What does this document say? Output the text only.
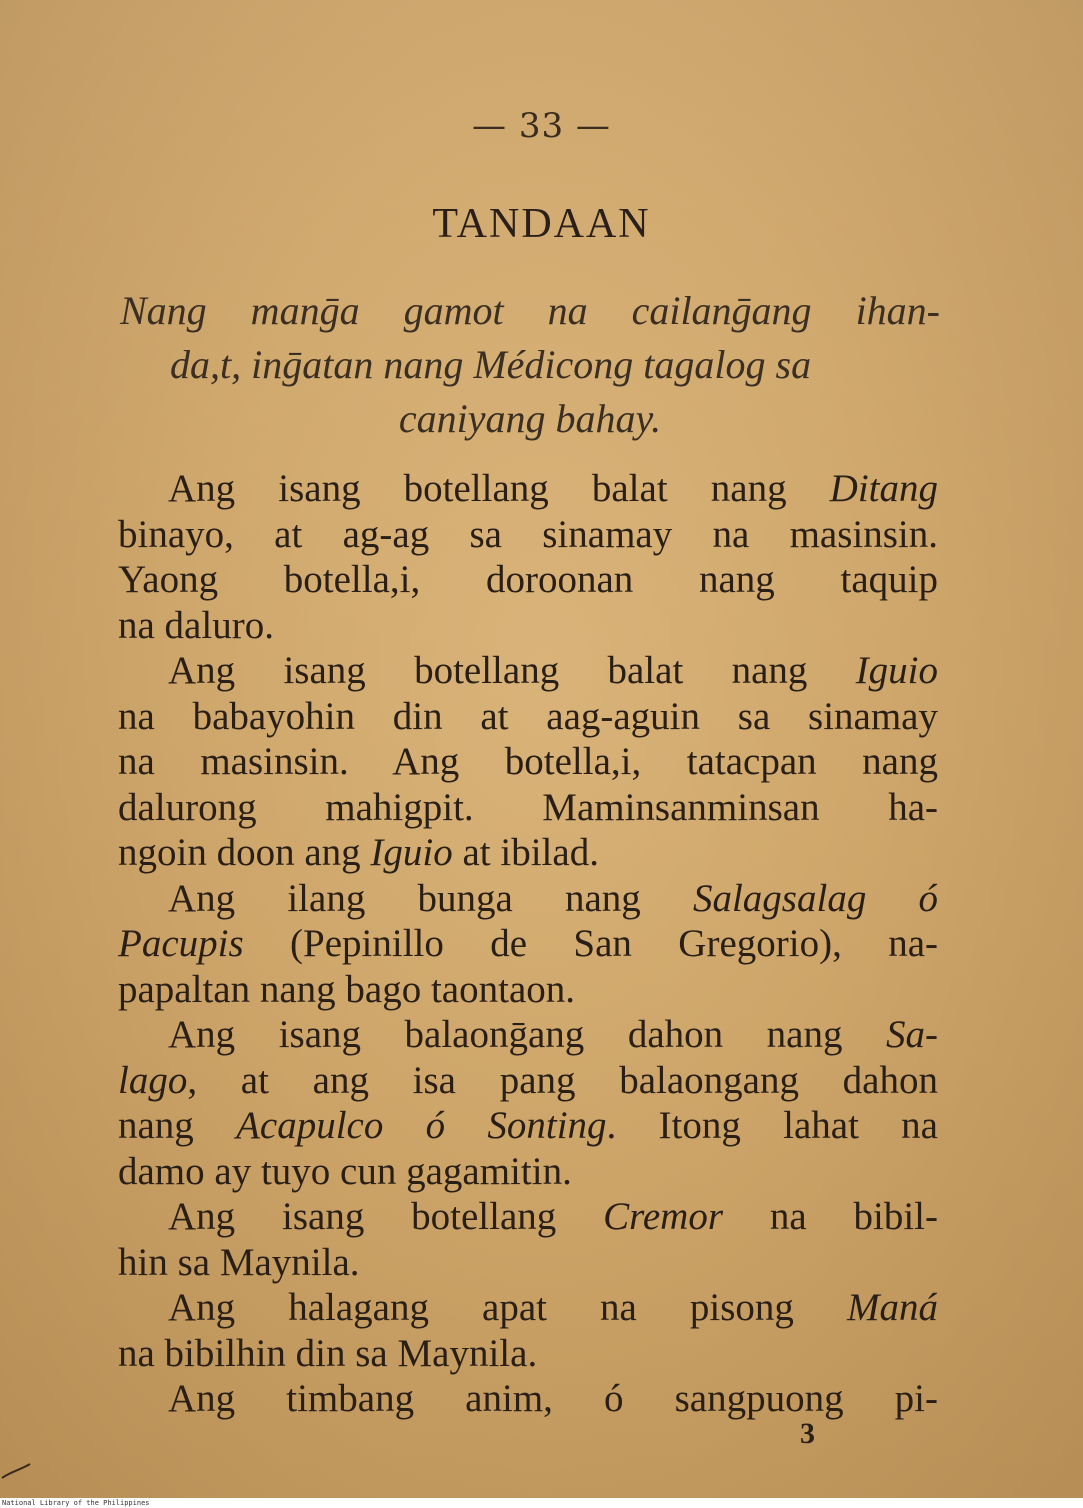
— 33 —
TANDAAN
Nang manḡa gamot na cailanḡang ihan-
da,t, inḡatan nang Médicong tagalog sa
caniyang bahay.
Ang isang botellang balat nang Ditang
binayo, at ag-ag sa sinamay na masinsin.
Yaong botella,i, doroonan nang taquip
na daluro.
Ang isang botellang balat nang Iguio
na babayohin din at aag-aguin sa sinamay
na masinsin. Ang botella,i, tatacpan nang
dalurong mahigpit. Maminsanminsan ha-
ngoin doon ang Iguio at ibilad.
Ang ilang bunga nang Salagsalag ó
Pacupis (Pepinillo de San Gregorio), na-
papaltan nang bago taontaon.
Ang isang balaonḡang dahon nang Sa-
lago, at ang isa pang balaongang dahon
nang Acapulco ó Sonting. Itong lahat na
damo ay tuyo cun gagamitin.
Ang isang botellang Cremor na bibil-
hin sa Maynila.
Ang halagang apat na pisong Maná
na bibilhin din sa Maynila.
Ang timbang anim, ó sangpuong pi-
3
National Library of the Philippines
